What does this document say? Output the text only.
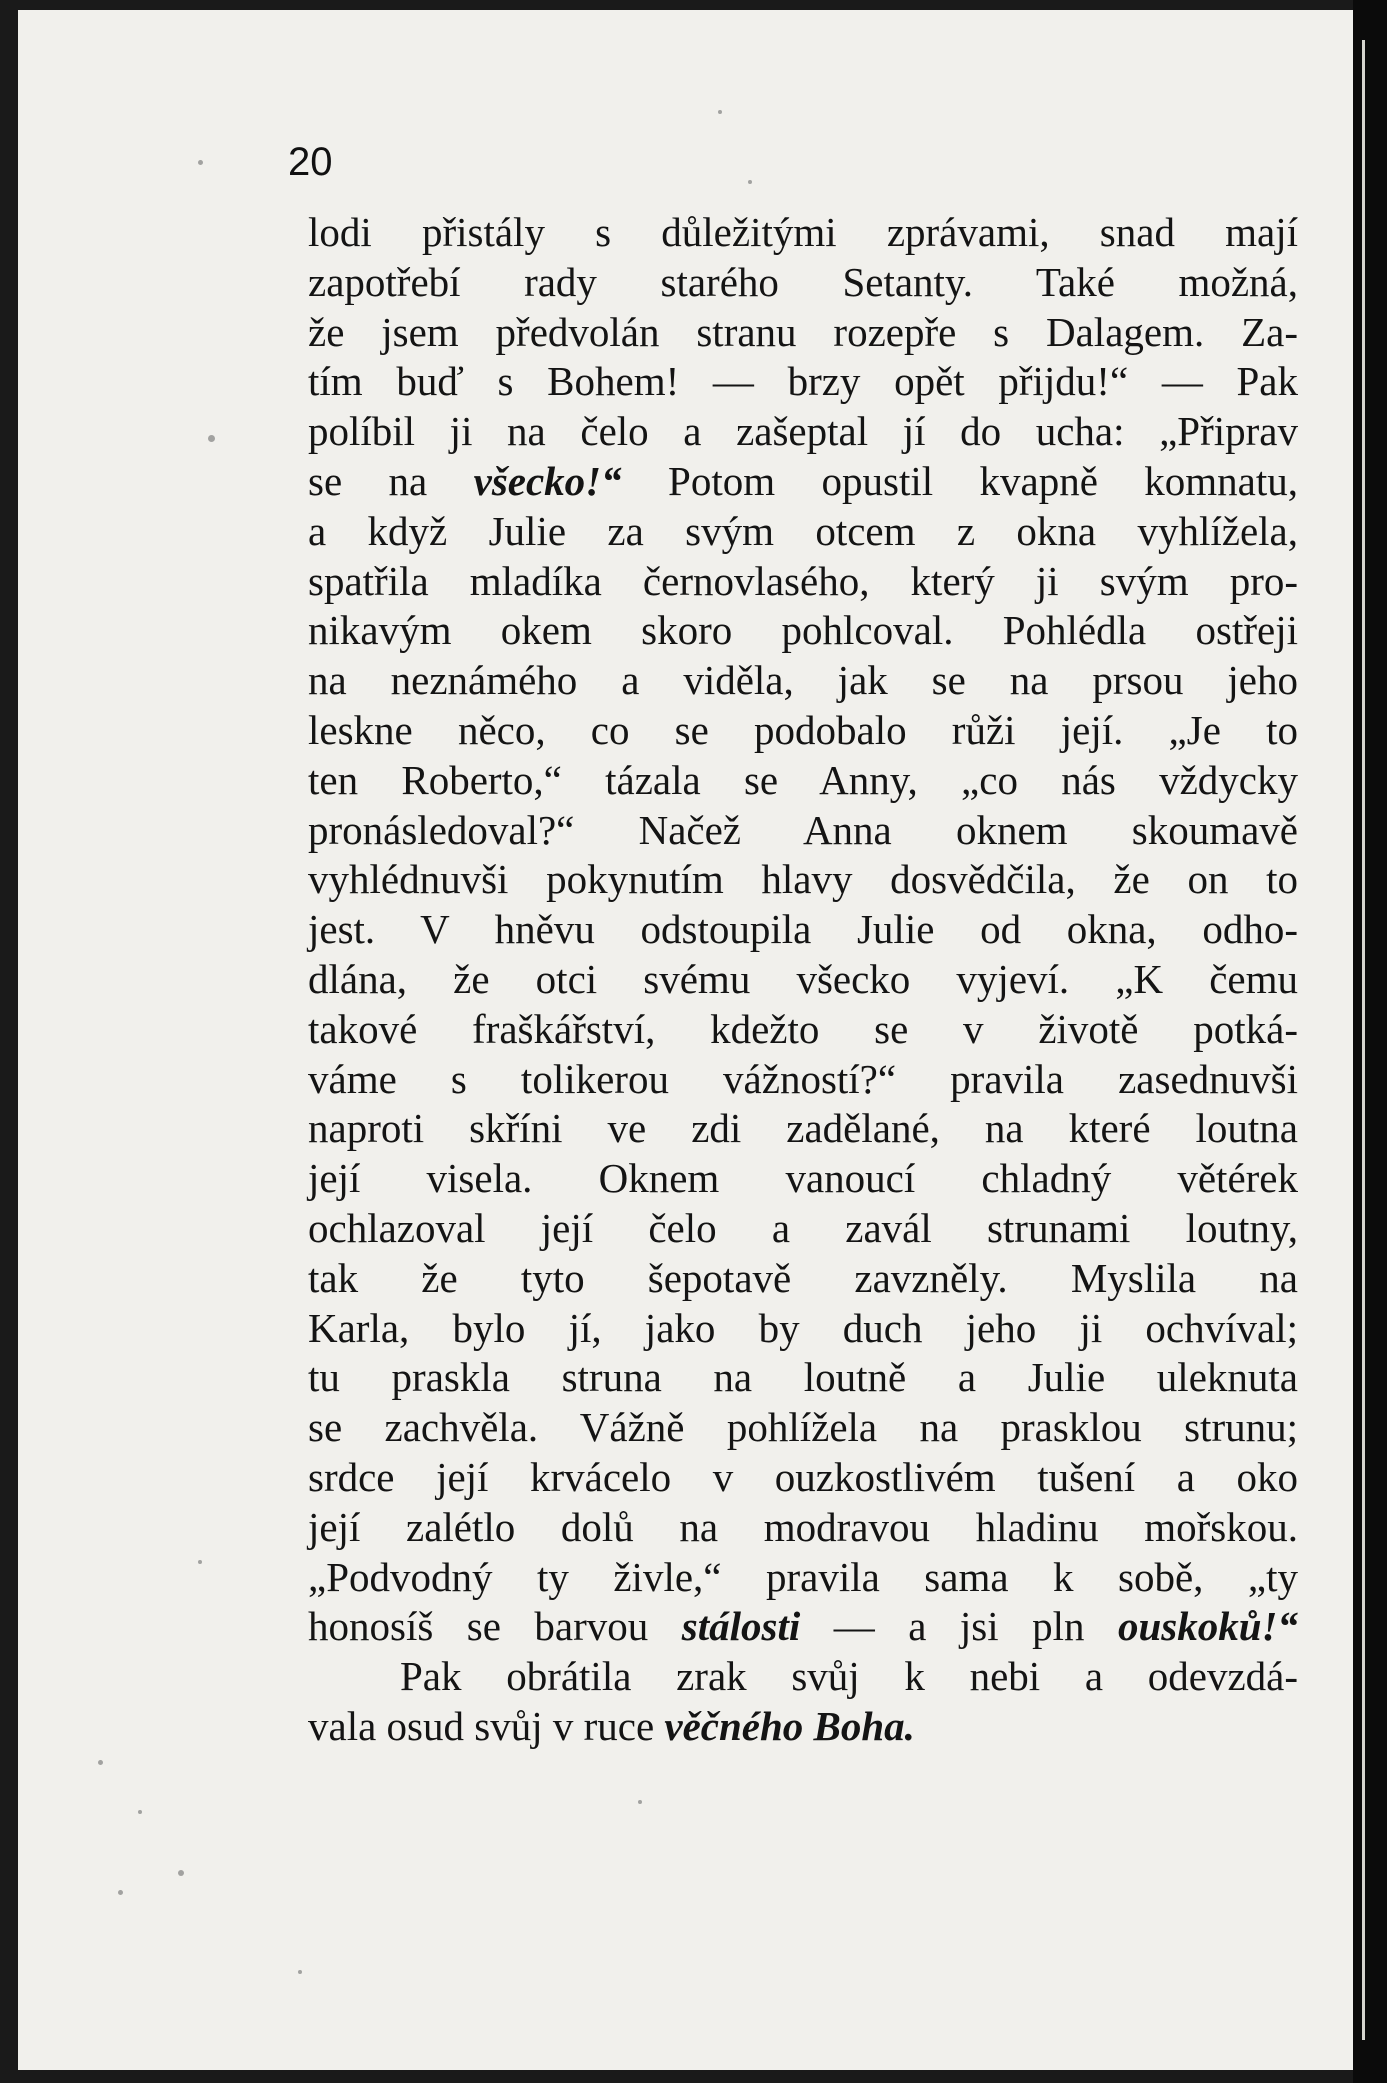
20

lodi přistály s důležitými zprávami, snad mají
zapotřebí rady starého Setanty. Také možná,
že jsem předvolán stranu rozepře s Dalagem. Za-
tím buď s Bohem! — brzy opět přijdu!“ — Pak
políbil ji na čelo a zašeptal jí do ucha: „Připrav
se na všecko!“ Potom opustil kvapně komnatu,
a když Julie za svým otcem z okna vyhlížela,
spatřila mladíka černovlasého, který ji svým pro-
nikavým okem skoro pohlcoval. Pohlédla ostřeji
na neznámého a viděla, jak se na prsou jeho
leskne něco, co se podobalo růži její. „Je to
ten Roberto,“ tázala se Anny, „co nás vždycky
pronásledoval?“ Načež Anna oknem skoumavě
vyhlédnuvši pokynutím hlavy dosvědčila, že on to
jest. V hněvu odstoupila Julie od okna, odho-
dlána, že otci svému všecko vyjeví. „K čemu
takové fraškářství, kdežto se v životě potká-
váme s tolikerou vážností?“ pravila zasednuvši
naproti skříni ve zdi zadělané, na které loutna
její visela. Oknem vanoucí chladný větérek
ochlazoval její čelo a zavál strunami loutny,
tak že tyto šepotavě zavzněly. Myslila na
Karla, bylo jí, jako by duch jeho ji ochvíval;
tu praskla struna na loutně a Julie uleknuta
se zachvěla. Vážně pohlížela na prasklou strunu;
srdce její krvácelo v ouzkostlivém tušení a oko
její zalétlo dolů na modravou hladinu mořskou.
„Podvodný ty živle,“ pravila sama k sobě, „ty
honosíš se barvou stálosti — a jsi pln ouskoků!“
Pak obrátila zrak svůj k nebi a odevzdá-
vala osud svůj v ruce věčného Boha.
